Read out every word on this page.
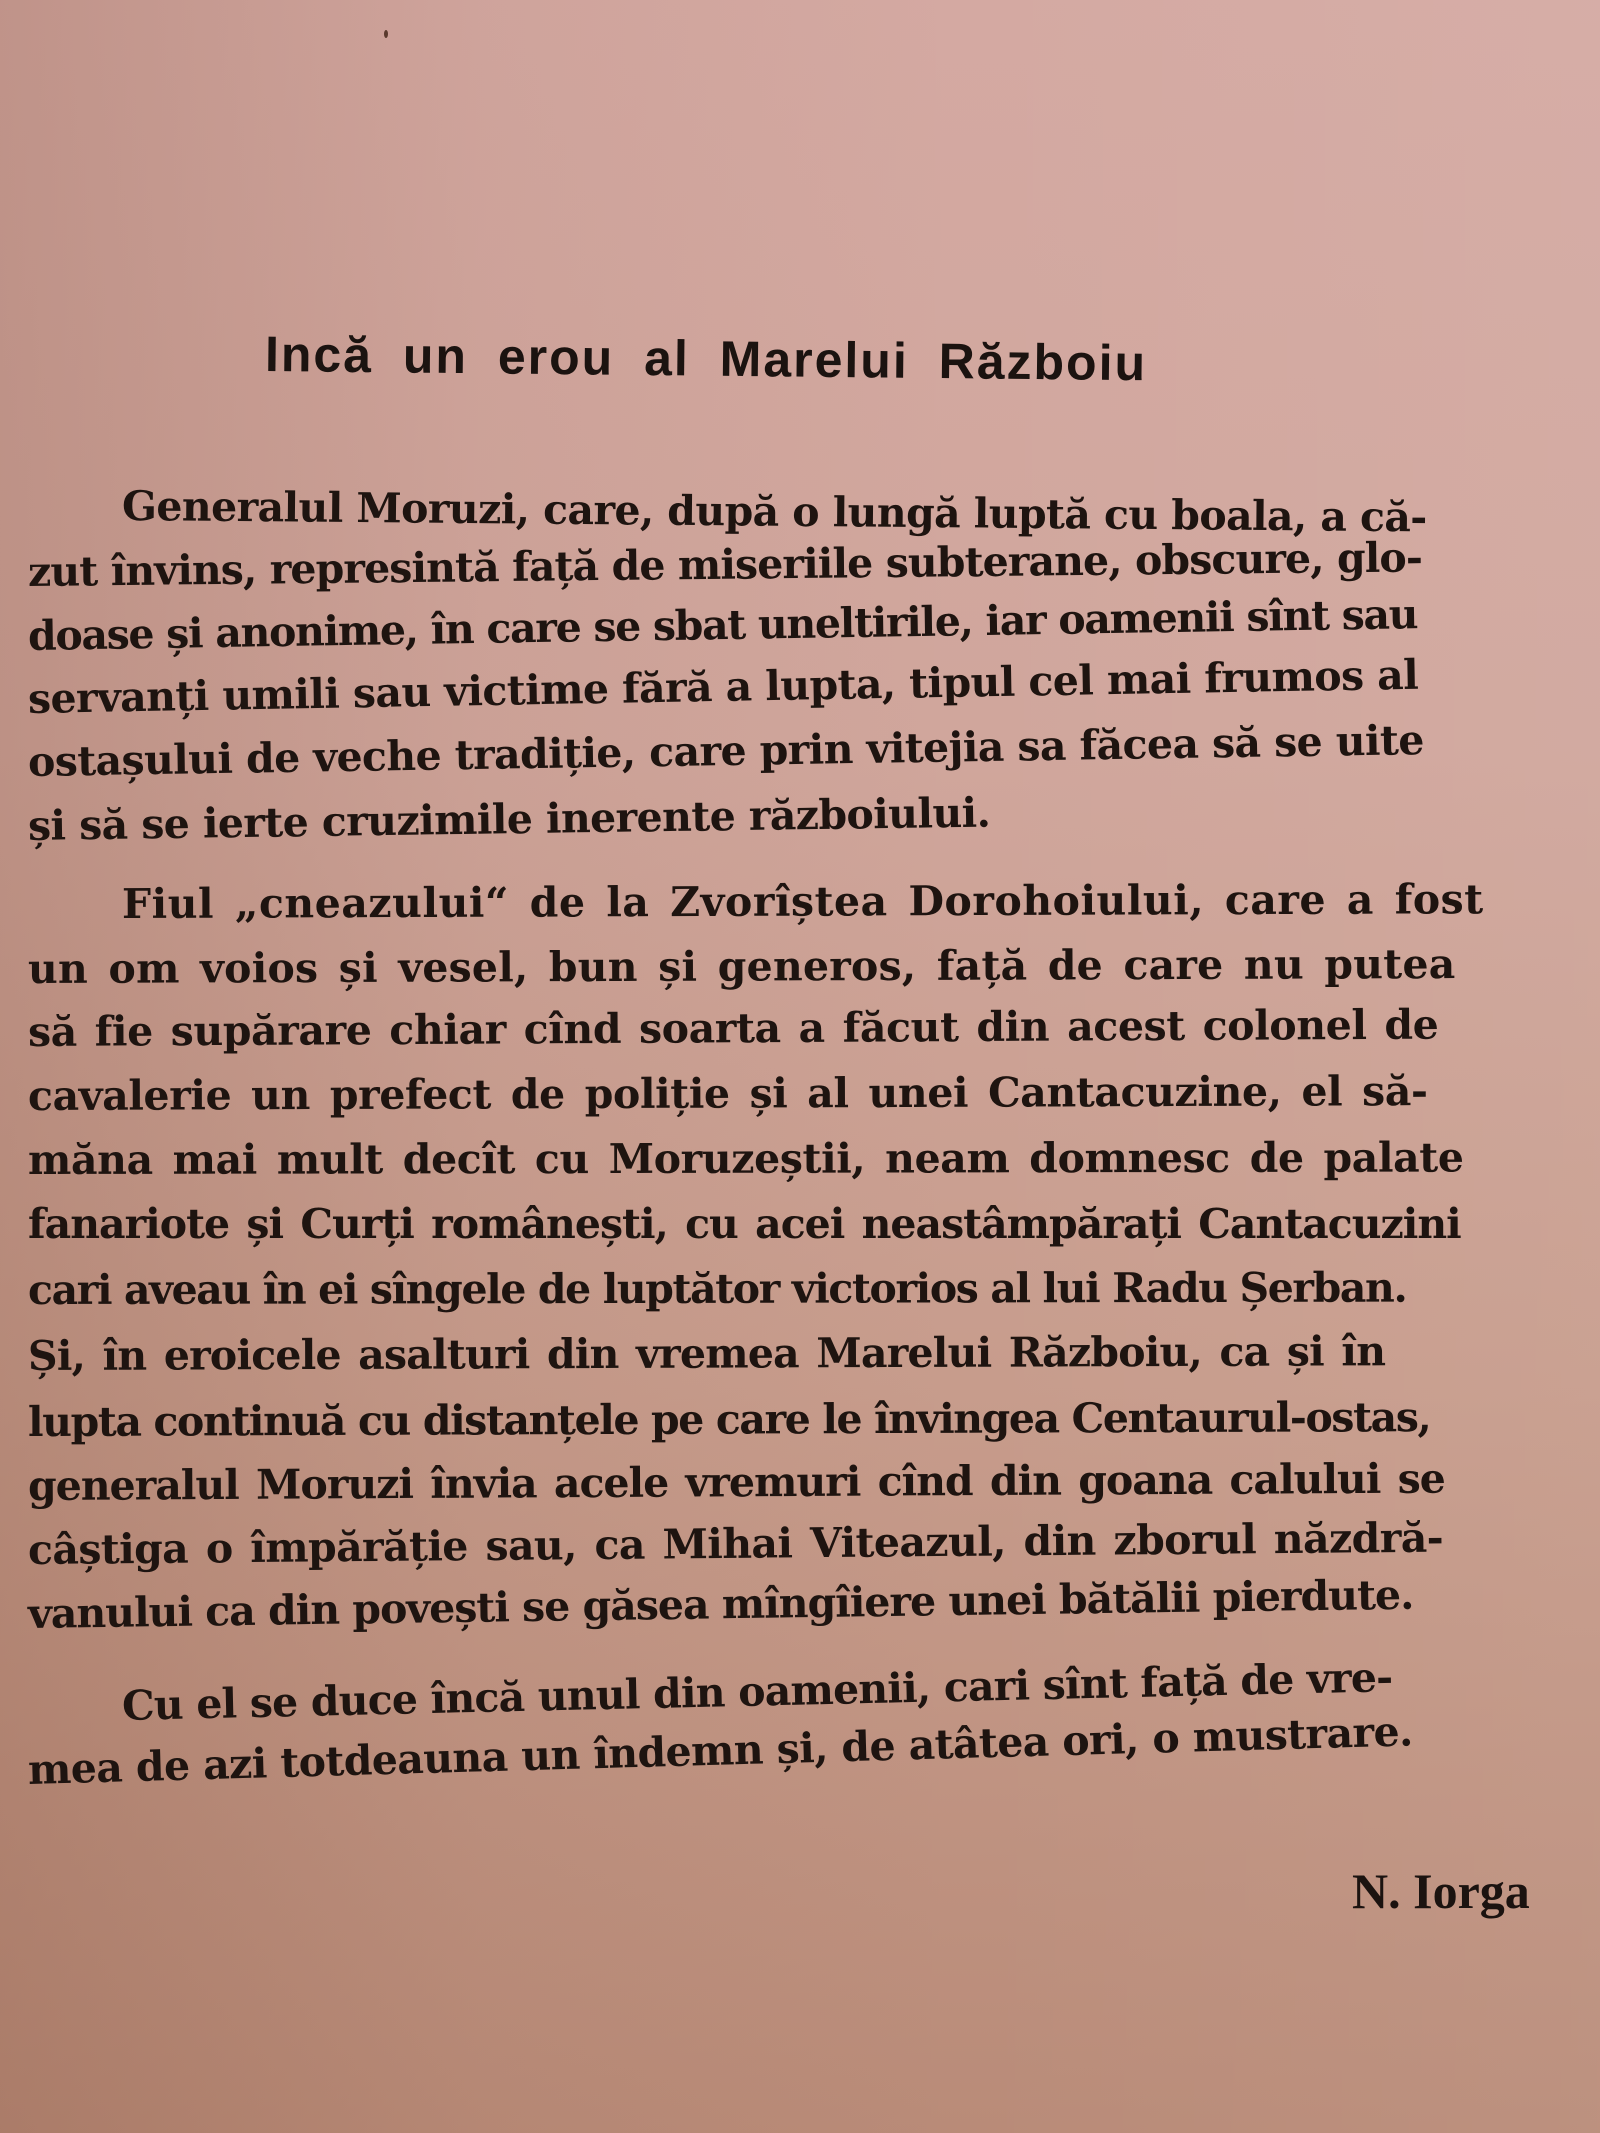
Incă un erou al Marelui Războiu
Generalul Moruzi, care, după o lungă luptă cu boala, a că-
zut învins, represintă față de miseriile subterane, obscure, glo-
doase și anonime, în care se sbat uneltirile, iar oamenii sînt sau
servanți umili sau victime fără a lupta, tipul cel mai frumos al
ostașului de veche tradiție, care prin vitejia sa făcea să se uite
și să se ierte cruzimile inerente războiului.
Fiul „cneazului“ de la Zvorîștea Dorohoiului, care a fost
un om voios și vesel, bun și generos, față de care nu putea
să fie supărare chiar cînd soarta a făcut din acest colonel de
cavalerie un prefect de poliție și al unei Cantacuzine, el să-
măna mai mult decît cu Moruzeștii, neam domnesc de palate
fanariote și Curți românești, cu acei neastâmpărați Cantacuzini
cari aveau în ei sîngele de luptător victorios al lui Radu Șerban.
Și, în eroicele asalturi din vremea Marelui Războiu, ca și în
lupta continuă cu distanțele pe care le învingea Centaurul-ostas,
generalul Moruzi învia acele vremuri cînd din goana calului se
câștiga o împărăție sau, ca Mihai Viteazul, din zborul năzdră-
vanului ca din povești se găsea mîngîiere unei bătălii pierdute.
Cu el se duce încă unul din oamenii, cari sînt față de vre-
mea de azi totdeauna un îndemn și, de atâtea ori, o mustrare.
N. Iorga
